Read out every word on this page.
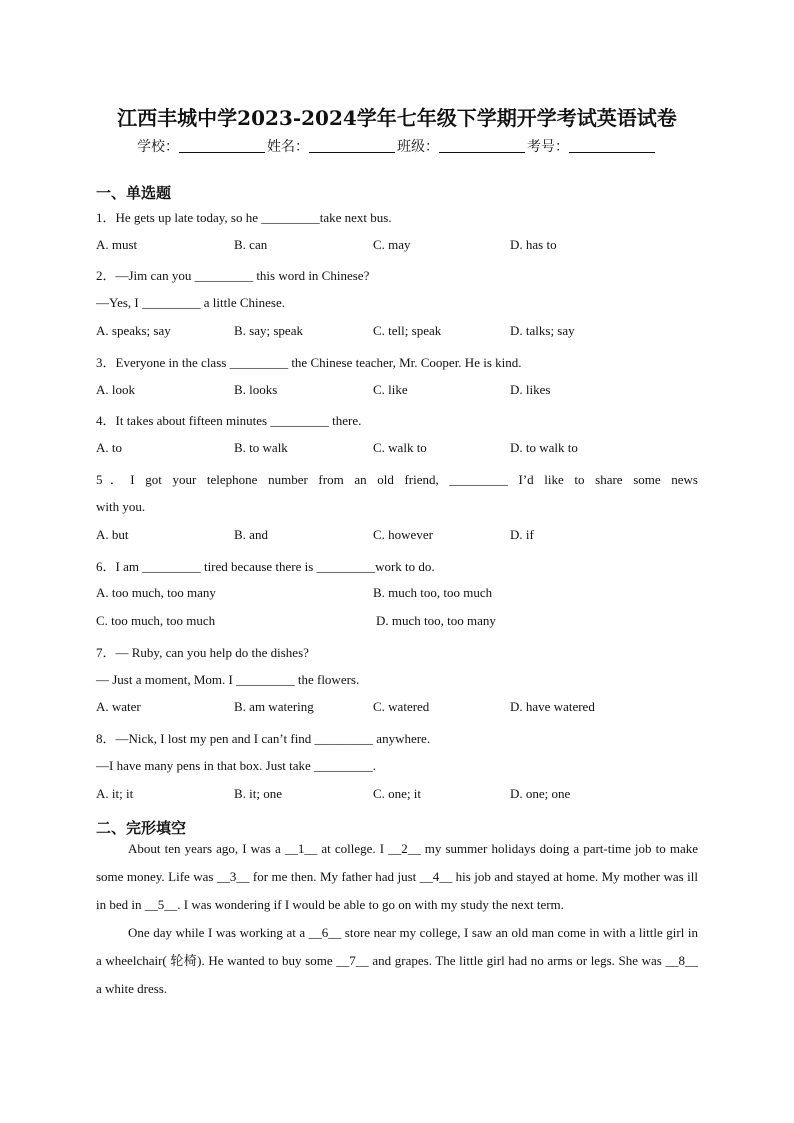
江西丰城中学2023-2024学年七年级下学期开学考试英语试卷
学校：	姓名：	班级：	考号：
一、单选题
1．He gets up late today, so he _________take next bus.
A. must	B. can	C. may	D. has to
2．—Jim can you _________ this word in Chinese?
—Yes, I _________ a little Chinese.
A. speaks; say	B. say; speak	C. tell; speak	D. talks; say
3．Everyone in the class _________ the Chinese teacher, Mr. Cooper. He is kind.
A. look	B. looks	C. like	D. likes
4．It takes about fifteen minutes _________ there.
A. to	B. to walk	C. walk to	D. to walk to
5．I got your telephone number from an old friend, _________ I’d like to share some news
with you.
A. but	B. and	C. however	D. if
6．I am _________ tired because there is _________work to do.
A. too much, too many	B. much too, too much
C. too much, too much	D. much too, too many
7．— Ruby, can you help do the dishes?
— Just a moment, Mom. I _________ the flowers.
A. water	B. am watering	C. watered	D. have watered
8．—Nick, I lost my pen and I can’t find _________ anywhere.
—I have many pens in that box. Just take _________.
A. it; it	B. it; one	C. one; it	D. one; one
二、完形填空

About ten years ago, I was a __1__ at college. I __2__ my summer holidays doing a part-time job to make some money. Life was __3__ for me then. My father had just __4__ his job and stayed at home. My mother was ill in bed in __5__. I was wondering if I would be able to go on with my study the next term.

One day while I was working at a __6__ store near my college, I saw an old man come in with a little girl in a wheelchair( 轮椅). He wanted to buy some __7__ and grapes. The little girl had no arms or legs. She was __8__ a white dress.
